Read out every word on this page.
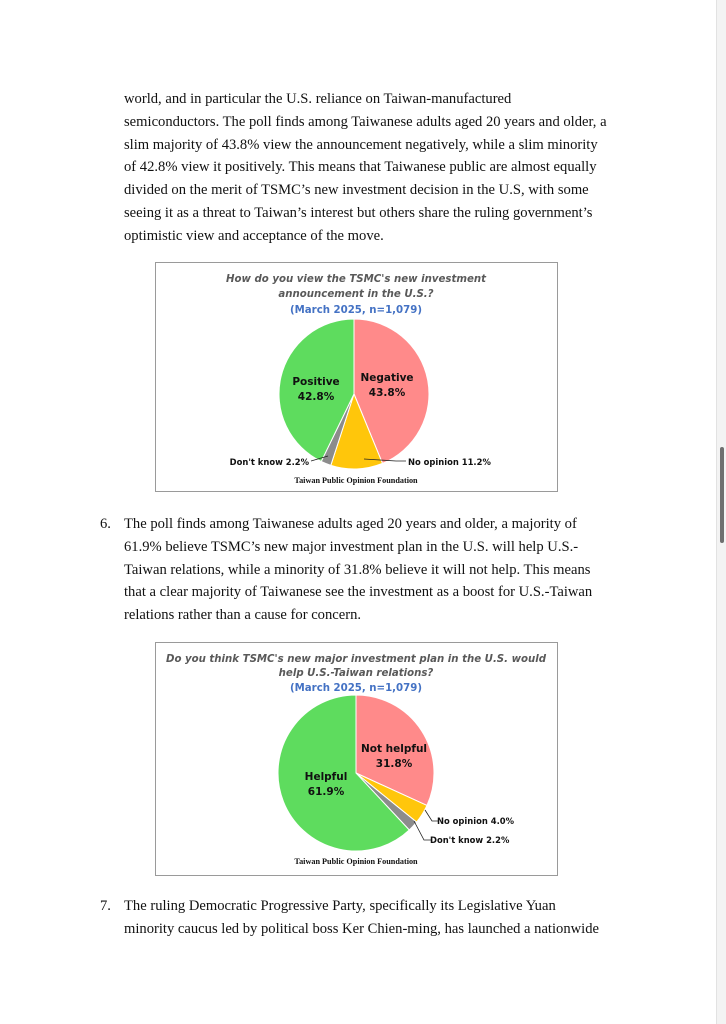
world, and in particular the U.S. reliance on Taiwan-manufactured
semiconductors. The poll finds among Taiwanese adults aged 20 years and older, a
slim majority of 43.8% view the announcement negatively, while a slim minority
of 42.8% view it positively. This means that Taiwanese public are almost equally
divided on the merit of TSMC’s new investment decision in the U.S, with some
seeing it as a threat to Taiwan’s interest but others share the ruling government’s
optimistic view and acceptance of the move.
How do you view the TSMC's new investment
announcement in the U.S.?
(March 2025, n=1,079)
Negative
43.8%
Positive
42.8%
No opinion 11.2%
Don't know 2.2%
Taiwan Public Opinion Foundation
6. The poll finds among Taiwanese adults aged 20 years and older, a majority of
61.9% believe TSMC’s new major investment plan in the U.S. will help U.S.-
Taiwan relations, while a minority of 31.8% believe it will not help. This means
that a clear majority of Taiwanese see the investment as a boost for U.S.-Taiwan
relations rather than a cause for concern.
Do you think TSMC's new major investment plan in the U.S. would
help U.S.-Taiwan relations?
(March 2025, n=1,079)
Not helpful
31.8%
Helpful
61.9%
No opinion 4.0%
Don't know 2.2%
Taiwan Public Opinion Foundation
7. The ruling Democratic Progressive Party, specifically its Legislative Yuan
minority caucus led by political boss Ker Chien-ming, has launched a nationwide
